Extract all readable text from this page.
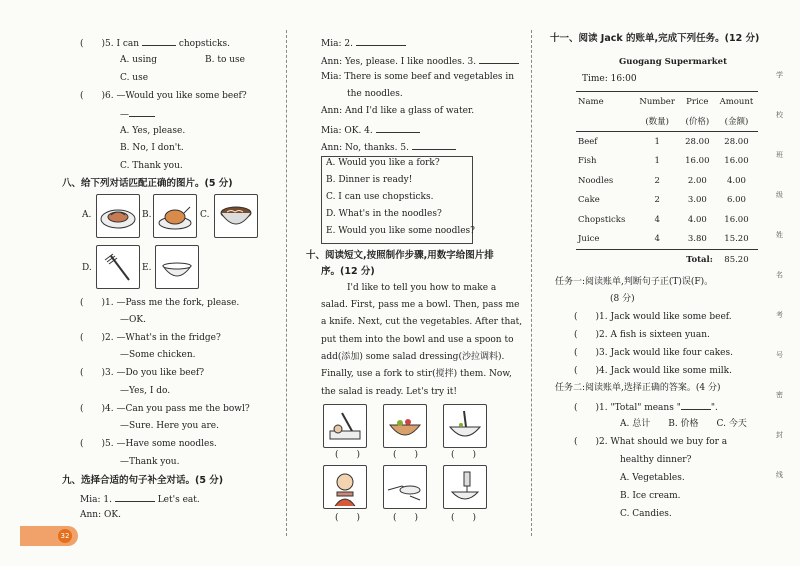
(　　)5. I can	chopsticks.
A. using	B. to use
C. use
(　　)6. —Would you like some beef?
—
A. Yes, please.
B. No, I don't.
C. Thank you.
八、给下列对话匹配正确的图片。(5 分)
A.	B.	C.
D.	E.
(　　)1. —Pass me the fork, please.
—OK.
(　　)2. —What's in the fridge?
—Some chicken.
(　　)3. —Do you like beef?
—Yes, I do.
(　　)4. —Can you pass me the bowl?
—Sure. Here you are.
(　　)5. —Have some noodles.
—Thank you.
九、选择合适的句子补全对话。(5 分)
Mia: 1.	Let's eat.
Ann: OK.
Mia: 2.
Ann: Yes, please. I like noodles. 3.
Mia: There is some beef and vegetables in
the noodles.
Ann: And I'd like a glass of water.
Mia: OK. 4.
Ann: No, thanks. 5.
A. Would you like a fork?
B. Dinner is ready!
C. I can use chopsticks.
D. What's in the noodles?
E. Would you like some noodles?
十、阅读短文,按照制作步骤,用数字给图片排
序。(12 分)
I'd like to tell you how to make a
salad. First, pass me a bowl. Then, pass me
a knife. Next, cut the vegetables. After that,
put them into the bowl and use a spoon to
add(添加) some salad dressing(沙拉调料).
Finally, use a fork to stir(搅拌) them. Now,
the salad is ready. Let's try it!
(　　)	(　　)	(　　)
(　　)	(　　)	(　　)
十一、阅读 Jack 的账单,完成下列任务。(12 分)
Guogang Supermarket
Time: 16:00
Name	Number	Price	Amount
	(数量)	(价格)	(金额)
Beef	1	28.00	28.00
Fish	1	16.00	16.00
Noodles	2	2.00	4.00
Cake	2	3.00	6.00
Chopsticks	4	4.00	16.00
Juice	4	3.80	15.20
		Total:	85.20
任务一:阅读账单,判断句子正(T)误(F)。
(8 分)
(　　)1. Jack would like some beef.
(　　)2. A fish is sixteen yuan.
(　　)3. Jack would like four cakes.
(　　)4. Jack would like some milk.
任务二:阅读账单,选择正确的答案。(4 分)
(　　)1. "Total" means "	".
A. 总计　　B. 价格　　C. 今天
(　　)2. What should we buy for a
healthy dinner?
A. Vegetables.
B. Ice cream.
C. Candies.
学
校
班
级
姓
名
考
号
密
封
线
32
